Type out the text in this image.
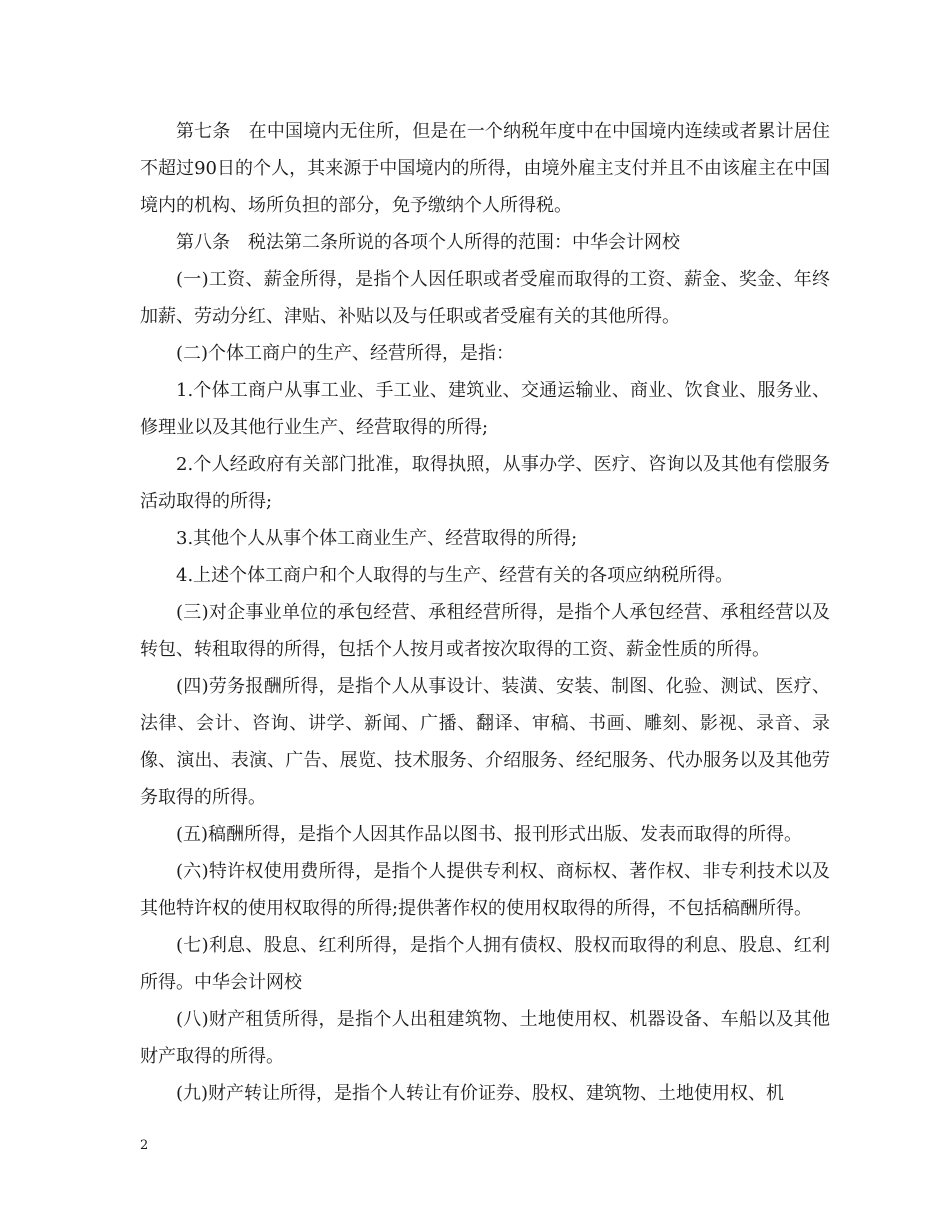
第七条　在中国境内无住所，但是在一个纳税年度中在中国境内连续或者累计居住不超过90日的个人，其来源于中国境内的所得，由境外雇主支付并且不由该雇主在中国境内的机构、场所负担的部分，免予缴纳个人所得税。

第八条　税法第二条所说的各项个人所得的范围：中华会计网校

(一)工资、薪金所得，是指个人因任职或者受雇而取得的工资、薪金、奖金、年终加薪、劳动分红、津贴、补贴以及与任职或者受雇有关的其他所得。

(二)个体工商户的生产、经营所得，是指：

1.个体工商户从事工业、手工业、建筑业、交通运输业、商业、饮食业、服务业、修理业以及其他行业生产、经营取得的所得;

2.个人经政府有关部门批准，取得执照，从事办学、医疗、咨询以及其他有偿服务活动取得的所得;

3.其他个人从事个体工商业生产、经营取得的所得;

4.上述个体工商户和个人取得的与生产、经营有关的各项应纳税所得。

(三)对企事业单位的承包经营、承租经营所得，是指个人承包经营、承租经营以及转包、转租取得的所得，包括个人按月或者按次取得的工资、薪金性质的所得。

(四)劳务报酬所得，是指个人从事设计、装潢、安装、制图、化验、测试、医疗、法律、会计、咨询、讲学、新闻、广播、翻译、审稿、书画、雕刻、影视、录音、录像、演出、表演、广告、展览、技术服务、介绍服务、经纪服务、代办服务以及其他劳务取得的所得。

(五)稿酬所得，是指个人因其作品以图书、报刊形式出版、发表而取得的所得。

(六)特许权使用费所得，是指个人提供专利权、商标权、著作权、非专利技术以及其他特许权的使用权取得的所得;提供著作权的使用权取得的所得，不包括稿酬所得。

(七)利息、股息、红利所得，是指个人拥有债权、股权而取得的利息、股息、红利所得。中华会计网校

(八)财产租赁所得，是指个人出租建筑物、土地使用权、机器设备、车船以及其他财产取得的所得。

(九)财产转让所得，是指个人转让有价证券、股权、建筑物、土地使用权、机

2
